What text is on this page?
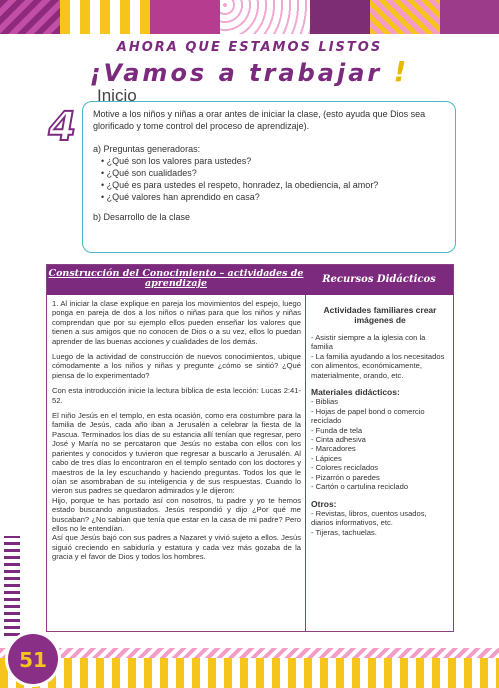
AHORA QUE ESTAMOS LISTOS
¡Vamos a trabajar !
4
Inicio

Motive a los niños y niñas a orar antes de iniciar la clase, (esto ayuda que Dios sea glorificado y tome control del proceso de aprendizaje).

a) Preguntas generadoras:

• ¿Qué son los valores para ustedes?
• ¿Qué son cualidades?
• ¿Qué es para ustedes el respeto, honradez, la obediencia, al amor?
• ¿Qué valores han aprendido en casa?

b) Desarrollo de la clase

Construcción del Conocimiento – actividades de aprendizaje	Recursos Didácticos

1. Al iniciar la clase explique en pareja los movimientos del espejo, luego ponga en pareja de dos a los niños o niñas para que los niños y niñas comprendan que por su ejemplo ellos pueden enseñar los valores que tienen a sus amigos que no conocen de Dios o a su vez, ellos lo puedan aprender de las buenas acciones y cualidades de los demás.

Luego de la actividad de construcción de nuevos conocimientos, ubique cómodamente a los niños y niñas y pregunte ¿cómo se sintió? ¿Qué piensa de lo experimentado?

Con esta introducción inicie la lectura bíblica de esta lección: Lucas 2:41-52.

El niño Jesús en el templo, en esta ocasión, como era costumbre para la familia de Jesús, cada año iban a Jerusalén a celebrar la fiesta de la Pascua. Terminados los días de su estancia allí tenían que regresar, pero José y María no se percataron que Jesús no estaba con ellos con los parientes y conocidos y tuvieron que regresar a buscarlo a Jerusalén. Al cabo de tres días lo encontraron en el templo sentado con los doctores y maestros de la ley escuchando y haciendo preguntas. Todos los que le oían se asombraban de su inteligencia y de sus respuestas. Cuando lo vieron sus padres se quedaron admirados y le dijeron:

Hijo, porque te has portado así con nosotros, tu padre y yo te hemos estado buscando angustiados. Jesús respondió y dijo ¿Por qué me buscaban? ¿No sabían que tenía que estar en la casa de mi padre? Pero ellos no le entendían.

Así que Jesús bajó con sus padres a Nazaret y vivió sujeto a ellos. Jesús siguió creciendo en sabiduría y estatura y cada vez más gozaba de la gracia y el favor de Dios y todos los hombres.

Actividades familiares crear imágenes de
- Asistir siempre a la iglesia con la familia
- La familia ayudando a los necesitados con alimentos, económicamente, materialmente, orando, etc.
Materiales didácticos:
- Biblias
- Hojas de papel bond o comercio reciclado
- Funda de tela
- Cinta adhesiva
- Marcadores
- Lápices
- Colores reciclados
- Pizarrón o paredes
- Cartón o cartulina reciclado
Otros:
- Revistas, libros, cuentos usados, diarios informativos, etc.
- Tijeras, tachuelas.
51
